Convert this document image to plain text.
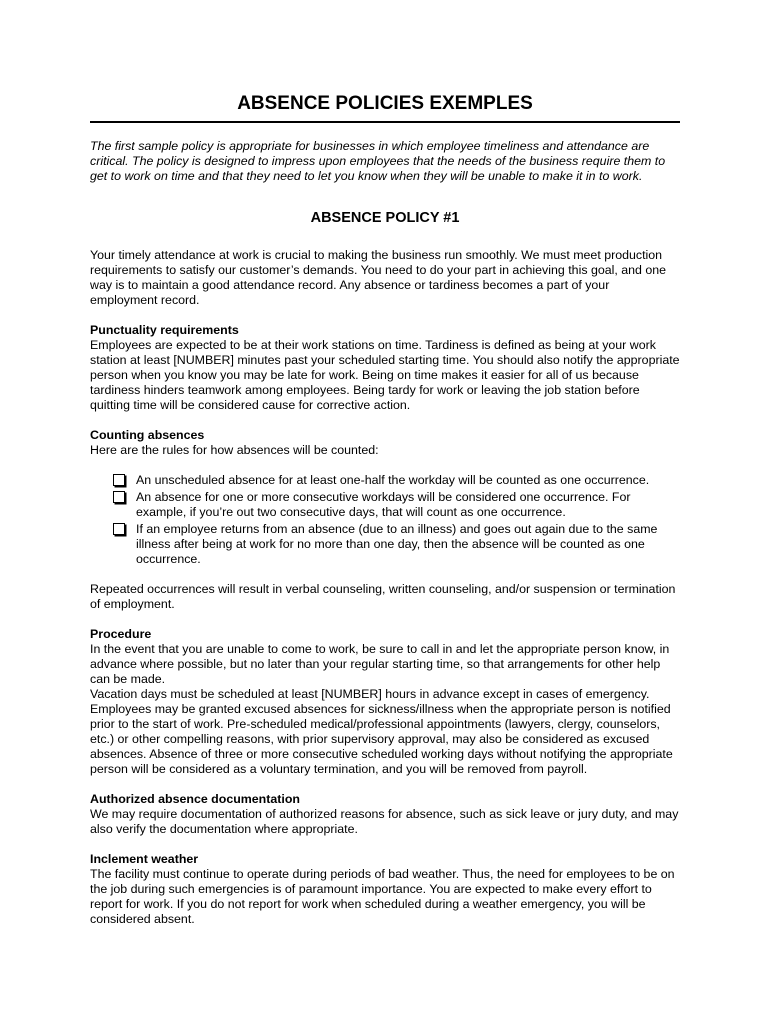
ABSENCE POLICIES EXEMPLES

The first sample policy is appropriate for businesses in which employee timeliness and attendance are critical. The policy is designed to impress upon employees that the needs of the business require them to get to work on time and that they need to let you know when they will be unable to make it in to work.

ABSENCE POLICY #1

Your timely attendance at work is crucial to making the business run smoothly. We must meet production requirements to satisfy our customer’s demands. You need to do your part in achieving this goal, and one way is to maintain a good attendance record. Any absence or tardiness becomes a part of your employment record.

Punctuality requirements

Employees are expected to be at their work stations on time. Tardiness is defined as being at your work station at least [NUMBER] minutes past your scheduled starting time. You should also notify the appropriate person when you know you may be late for work. Being on time makes it easier for all of us because tardiness hinders teamwork among employees. Being tardy for work or leaving the job station before quitting time will be considered cause for corrective action.

Counting absences

Here are the rules for how absences will be counted:

An unscheduled absence for at least one-half the workday will be counted as one occurrence.
An absence for one or more consecutive workdays will be considered one occurrence. For example, if you’re out two consecutive days, that will count as one occurrence.
If an employee returns from an absence (due to an illness) and goes out again due to the same illness after being at work for no more than one day, then the absence will be counted as one occurrence.

Repeated occurrences will result in verbal counseling, written counseling, and/or suspension or termination of employment.

Procedure

In the event that you are unable to come to work, be sure to call in and let the appropriate person know, in advance where possible, but no later than your regular starting time, so that arrangements for other help can be made.

Vacation days must be scheduled at least [NUMBER] hours in advance except in cases of emergency. Employees may be granted excused absences for sickness/illness when the appropriate person is notified prior to the start of work. Pre-scheduled medical/professional appointments (lawyers, clergy, counselors, etc.) or other compelling reasons, with prior supervisory approval, may also be considered as excused absences. Absence of three or more consecutive scheduled working days without notifying the appropriate person will be considered as a voluntary termination, and you will be removed from payroll.

Authorized absence documentation

We may require documentation of authorized reasons for absence, such as sick leave or jury duty, and may also verify the documentation where appropriate.

Inclement weather

The facility must continue to operate during periods of bad weather. Thus, the need for employees to be on the job during such emergencies is of paramount importance. You are expected to make every effort to report for work. If you do not report for work when scheduled during a weather emergency, you will be considered absent.
